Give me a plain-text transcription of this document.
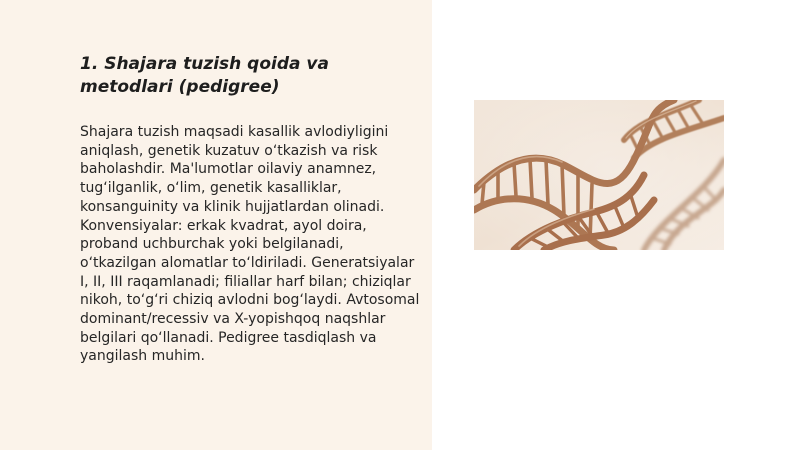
1. Shajara tuzish qoida va metodlari (pedigree)

Shajara tuzish maqsadi kasallik avlodiyligini aniqlash, genetik kuzatuv o‘tkazish va risk baholashdir. Ma'lumotlar oilaviy anamnez, tug‘ilganlik, o‘lim, genetik kasalliklar, konsanguinity va klinik hujjatlardan olinadi. Konvensiyalar: erkak kvadrat, ayol doira, proband uchburchak yoki belgilanadi, o‘tkazilgan alomatlar to‘ldiriladi. Generatsiyalar I, II, III raqamlanadi; filiallar harf bilan; chiziqlar nikoh, to‘g‘ri chiziq avlodni bog‘laydi. Avtosomal dominant/recessiv va X-yopishqoq naqshlar belgilari qo‘llanadi. Pedigree tasdiqlash va yangilash muhim.
